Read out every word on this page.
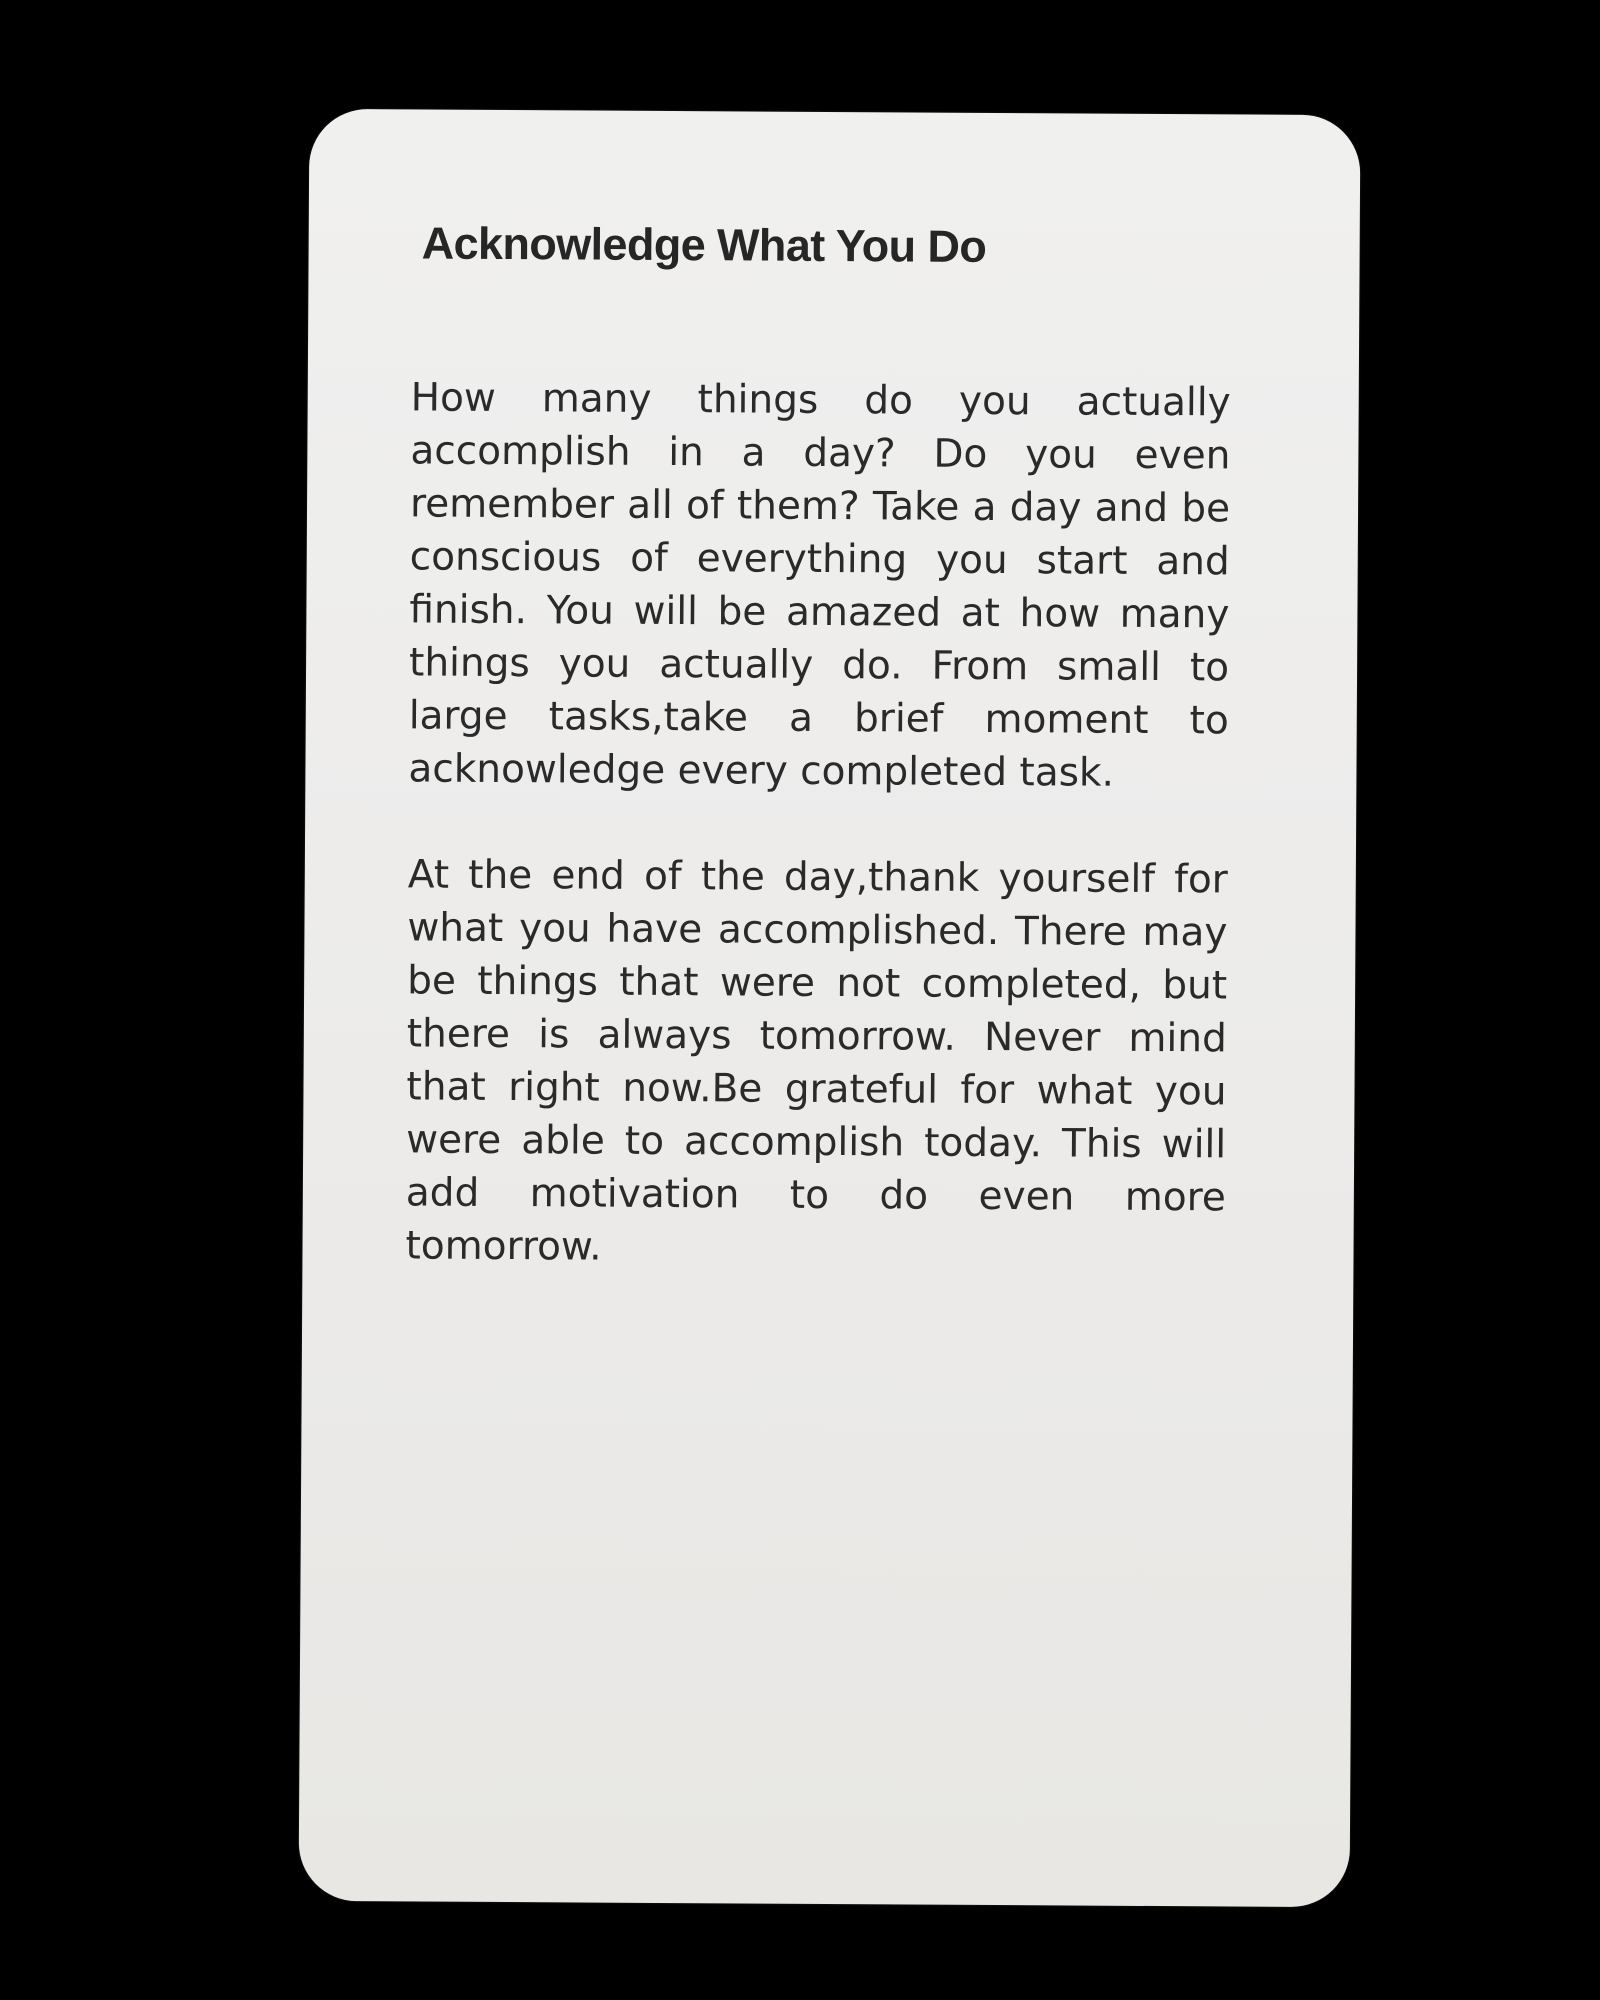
Acknowledge What You Do

How many things do you actually accomplish in a day? Do you even remember all of them? Take a day and be conscious of everything you start and finish. You will be amazed at how many things you actually do. From small to large tasks,take a brief moment to acknowledge every completed task.

At the end of the day,thank yourself for what you have accomplished. There may be things that were not completed, but there is always tomorrow. Never mind that right now.Be grateful for what you were able to accomplish today. This will add motivation to do even more tomorrow.
